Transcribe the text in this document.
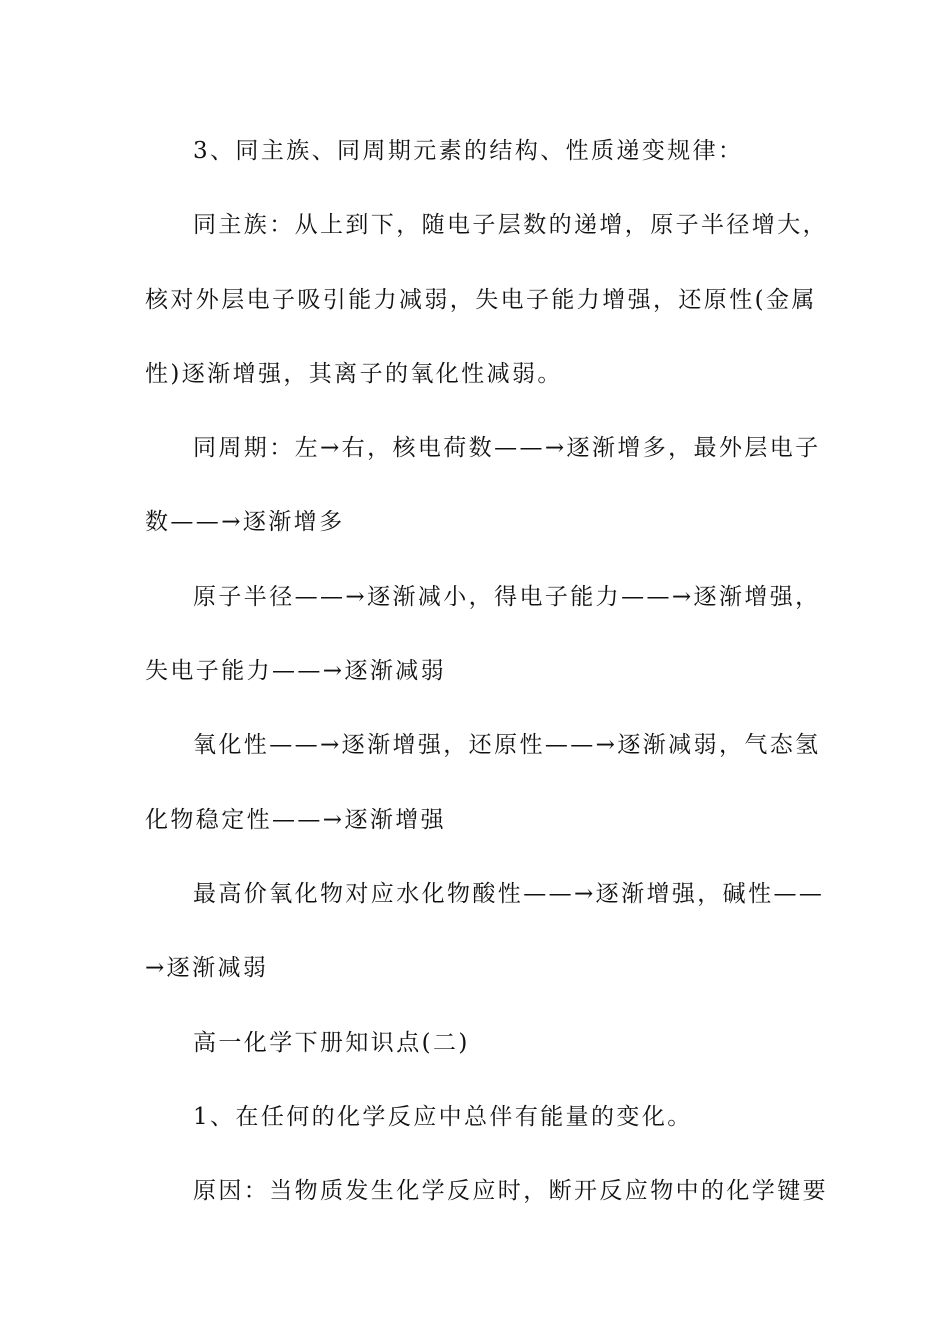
3、同主族、同周期元素的结构、性质递变规律：
同主族：从上到下，随电子层数的递增，原子半径增大，
核对外层电子吸引能力减弱，失电子能力增强，还原性(金属
性)逐渐增强，其离子的氧化性减弱。
同周期：左→右，核电荷数——→逐渐增多，最外层电子
数——→逐渐增多
原子半径——→逐渐减小，得电子能力——→逐渐增强，
失电子能力——→逐渐减弱
氧化性——→逐渐增强，还原性——→逐渐减弱，气态氢
化物稳定性——→逐渐增强
最高价氧化物对应水化物酸性——→逐渐增强，碱性——
→逐渐减弱
高一化学下册知识点(二)
1、在任何的化学反应中总伴有能量的变化。
原因：当物质发生化学反应时，断开反应物中的化学键要
